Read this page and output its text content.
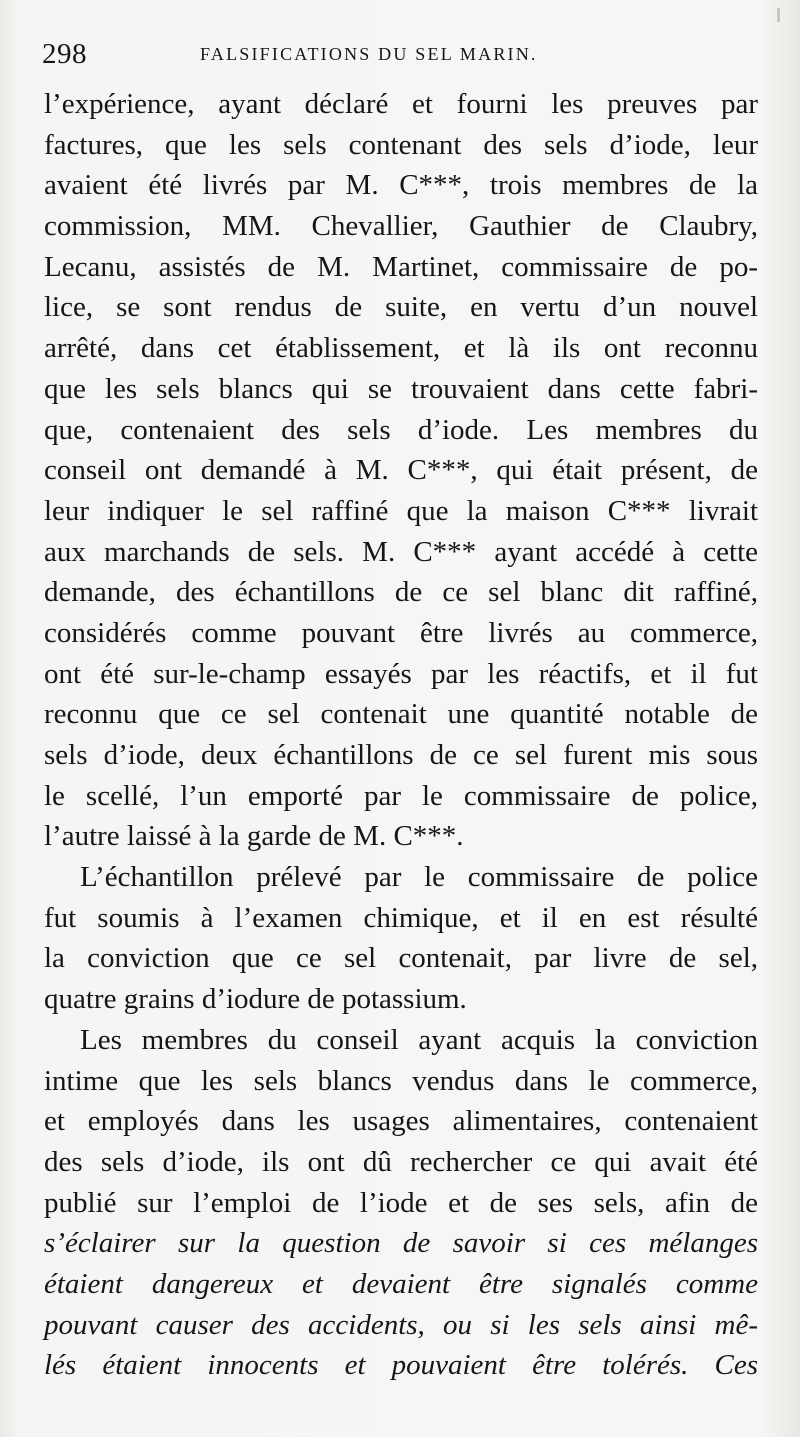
298	FALSIFICATIONS DU SEL MARIN.
l’expérience, ayant déclaré et fourni les preuves par
factures, que les sels contenant des sels d’iode, leur
avaient été livrés par M. C***, trois membres de la
commission, MM. Chevallier, Gauthier de Claubry,
Lecanu, assistés de M. Martinet, commissaire de po-
lice, se sont rendus de suite, en vertu d’un nouvel
arrêté, dans cet établissement, et là ils ont reconnu
que les sels blancs qui se trouvaient dans cette fabri-
que, contenaient des sels d’iode. Les membres du
conseil ont demandé à M. C***, qui était présent, de
leur indiquer le sel raffiné que la maison C*** livrait
aux marchands de sels. M. C*** ayant accédé à cette
demande, des échantillons de ce sel blanc dit raffiné,
considérés comme pouvant être livrés au commerce,
ont été sur-le-champ essayés par les réactifs, et il fut
reconnu que ce sel contenait une quantité notable de
sels d’iode, deux échantillons de ce sel furent mis sous
le scellé, l’un emporté par le commissaire de police,
l’autre laissé à la garde de M. C***.
L’échantillon prélevé par le commissaire de police
fut soumis à l’examen chimique, et il en est résulté
la conviction que ce sel contenait, par livre de sel,
quatre grains d’iodure de potassium.
Les membres du conseil ayant acquis la conviction
intime que les sels blancs vendus dans le commerce,
et employés dans les usages alimentaires, contenaient
des sels d’iode, ils ont dû rechercher ce qui avait été
publié sur l’emploi de l’iode et de ses sels, afin de
s’éclairer sur la question de savoir si ces mélanges
étaient dangereux et devaient être signalés comme
pouvant causer des accidents, ou si les sels ainsi mê-
lés étaient innocents et pouvaient être tolérés. Ces
